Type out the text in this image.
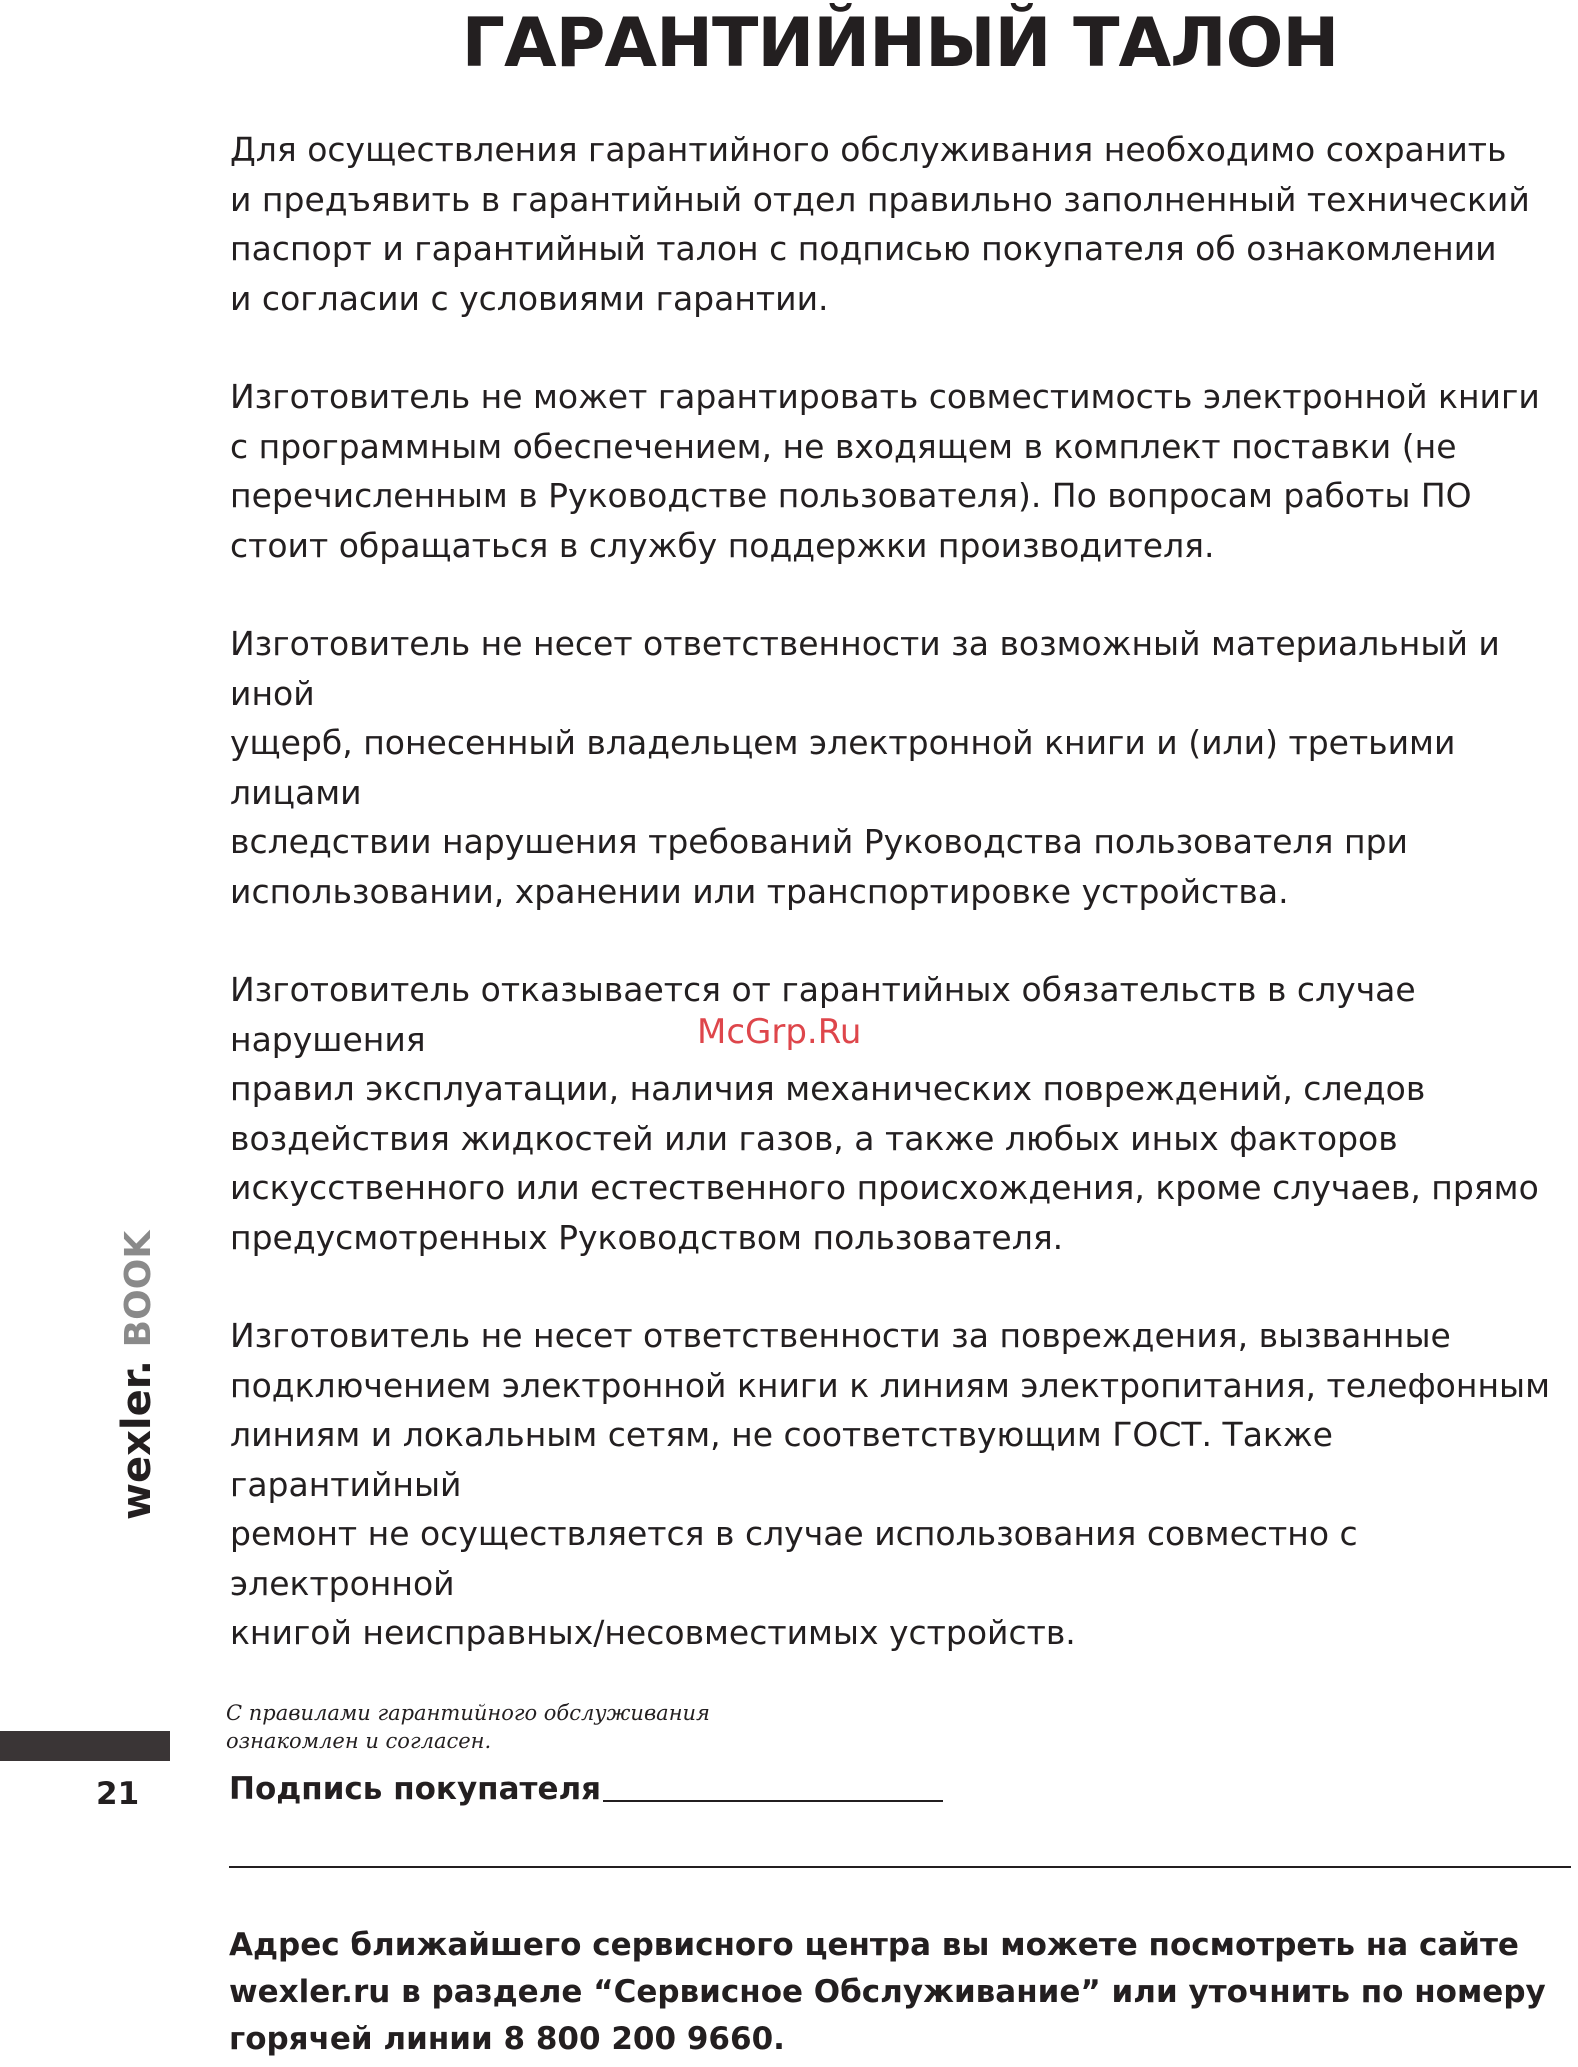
ГАРАНТИЙНЫЙ ТАЛОН

Для осуществления гарантийного обслуживания необходимо сохранить
и предъявить в гарантийный отдел правильно заполненный технический
паспорт и гарантийный талон с подписью покупателя об ознакомлении
и согласии с условиями гарантии.

Изготовитель не может гарантировать совместимость электронной книги
с программным обеспечением, не входящем в комплект поставки (не
перечисленным в Руководстве пользователя). По вопросам работы ПО
стоит обращаться в службу поддержки производителя.

Изготовитель не несет ответственности за возможный материальный и иной
ущерб, понесенный владельцем электронной книги и (или) третьими лицами
вследствии нарушения требований Руководства пользователя при
использовании, хранении или транспортировке устройства.

Изготовитель отказывается от гарантийных обязательств в случае нарушения
правил эксплуатации, наличия механических повреждений, следов
воздействия жидкостей или газов, а также любых иных факторов
искусственного или естественного происхождения, кроме случаев, прямо
предусмотренных Руководством пользователя.

Изготовитель не несет ответственности за повреждения, вызванные
подключением электронной книги к линиям электропитания, телефонным
линиям и локальным сетям, не соответствующим ГОСТ. Также гарантийный
ремонт не осуществляется в случае использования совместно с электронной
книгой неисправных/несовместимых устройств.

McGrp.Ru
wexler. BOOK
21
С правилами гарантийного обслуживания
ознакомлен и согласен.
Подпись покупателя
Адрес ближайшего сервисного центра вы можете посмотреть на сайте
wexler.ru в разделе “Сервисное Обслуживание” или уточнить по номеру
горячей линии 8 800 200 9660.
